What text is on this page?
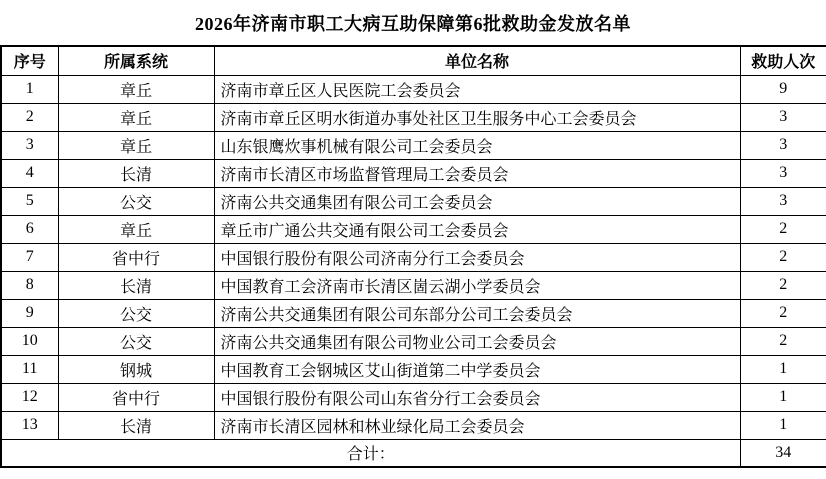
2026年济南市职工大病互助保障第6批救助金发放名单
序号	所属系统	单位名称	救助人次
1	章丘	济南市章丘区人民医院工会委员会	9
2	章丘	济南市章丘区明水街道办事处社区卫生服务中心工会委员会	3
3	章丘	山东银鹰炊事机械有限公司工会委员会	3
4	长清	济南市长清区市场监督管理局工会委员会	3
5	公交	济南公共交通集团有限公司工会委员会	3
6	章丘	章丘市广通公共交通有限公司工会委员会	2
7	省中行	中国银行股份有限公司济南分行工会委员会	2
8	长清	中国教育工会济南市长清区崮云湖小学委员会	2
9	公交	济南公共交通集团有限公司东部分公司工会委员会	2
10	公交	济南公共交通集团有限公司物业公司工会委员会	2
11	钢城	中国教育工会钢城区艾山街道第二中学委员会	1
12	省中行	中国银行股份有限公司山东省分行工会委员会	1
13	长清	济南市长清区园林和林业绿化局工会委员会	1
合计：			34
